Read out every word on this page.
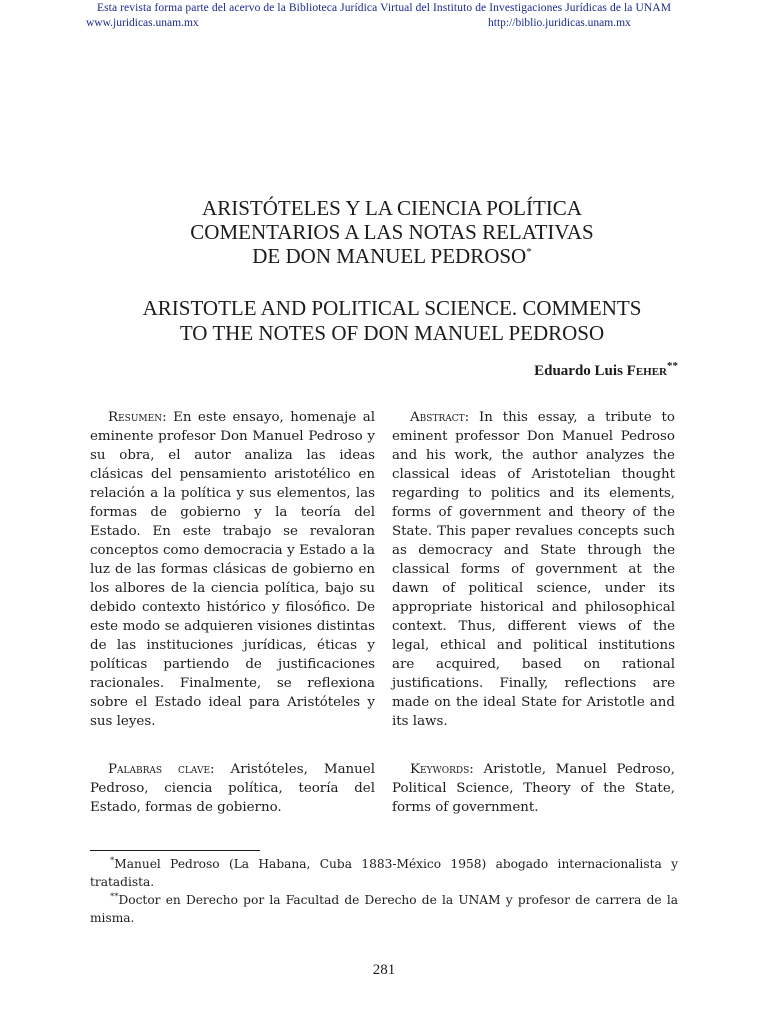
Esta revista forma parte del acervo de la Biblioteca Jurídica Virtual del Instituto de Investigaciones Jurídicas de la UNAM
www.juridicas.unam.mx	http://biblio.juridicas.unam.mx
ARISTÓTELES Y LA CIENCIA POLÍTICA
COMENTARIOS A LAS NOTAS RELATIVAS
DE DON MANUEL PEDROSO*
ARISTOTLE AND POLITICAL SCIENCE. COMMENTS
TO THE NOTES OF DON MANUEL PEDROSO
Eduardo Luis Feher**

Resumen: En este ensayo, homenaje al eminente profesor Don Manuel Pedroso y su obra, el autor analiza las ideas clásicas del pensamiento aristotélico en relación a la política y sus elementos, las formas de gobierno y la teoría del Estado. En este trabajo se revaloran conceptos como democracia y Estado a la luz de las formas clásicas de gobierno en los albores de la ciencia política, bajo su debido contexto histórico y filosófico. De este modo se adquieren visiones distintas de las instituciones jurídicas, éticas y políticas partiendo de justificaciones racionales. Finalmente, se reflexiona sobre el Estado ideal para Aristóteles y sus leyes.

Abstract: In this essay, a tribute to eminent professor Don Manuel Pedroso and his work, the author analyzes the classical ideas of Aristotelian thought regarding to politics and its elements, forms of government and theory of the State. This paper revalues concepts such as democracy and State through the classical forms of government at the dawn of political science, under its appropriate historical and philosophical context. Thus, different views of the legal, ethical and political institutions are acquired, based on rational justifications. Finally, reflections are made on the ideal State for Aristotle and its laws.

Palabras clave: Aristóteles, Manuel Pedroso, ciencia política, teoría del Estado, formas de gobierno.

Keywords: Aristotle, Manuel Pedroso, Political Science, Theory of the State, forms of government.

*Manuel Pedroso (La Habana, Cuba 1883-México 1958) abogado internacionalista y tratadista.

**Doctor en Derecho por la Facultad de Derecho de la UNAM y profesor de carrera de la misma.

281
